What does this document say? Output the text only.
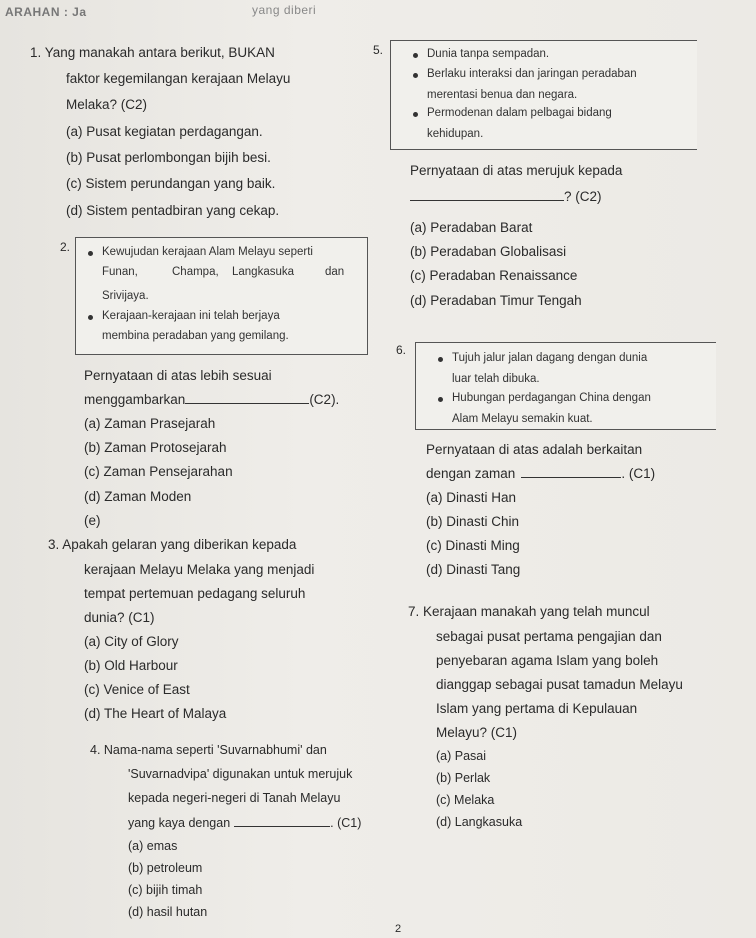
ARAHAN : Ja	yang diberi
1. Yang manakah antara berikut, BUKAN
faktor kegemilangan kerajaan Melayu
Melaka? (C2)
(a) Pusat kegiatan perdagangan.
(b) Pusat perlombongan bijih besi.
(c) Sistem perundangan yang baik.
(d) Sistem pentadbiran yang cekap.
2.	Kewujudan kerajaan Alam Melayu seperti
Funan,	Champa, Langkasuka	dan
Srivijaya.
Kerajaan-kerajaan ini telah berjaya
membina peradaban yang gemilang.
Pernyataan di atas lebih sesuai
menggambarkan	(C2).
(a) Zaman Prasejarah
(b) Zaman Protosejarah
(c) Zaman Pensejarahan
(d) Zaman Moden
(e)
3. Apakah gelaran yang diberikan kepada
kerajaan Melayu Melaka yang menjadi
tempat pertemuan pedagang seluruh
dunia? (C1)
(a) City of Glory
(b) Old Harbour
(c) Venice of East
(d) The Heart of Malaya
4. Nama-nama seperti 'Suvarnabhumi' dan
'Suvarnadvipa' digunakan untuk merujuk
kepada negeri-negeri di Tanah Melayu
yang kaya dengan	. (C1)
(a) emas
(b) petroleum
(c) bijih timah
(d) hasil hutan
5.	Dunia tanpa sempadan.
Berlaku interaksi dan jaringan peradaban
merentasi benua dan negara.
Permodenan dalam pelbagai bidang
kehidupan.
Pernyataan di atas merujuk kepada
? (C2)
(a) Peradaban Barat
(b) Peradaban Globalisasi
(c) Peradaban Renaissance
(d) Peradaban Timur Tengah
6.
Tujuh jalur jalan dagang dengan dunia
luar telah dibuka.
Hubungan perdagangan China dengan
Alam Melayu semakin kuat.
Pernyataan di atas adalah berkaitan
dengan zaman	. (C1)
(a) Dinasti Han
(b) Dinasti Chin
(c) Dinasti Ming
(d) Dinasti Tang
7. Kerajaan manakah yang telah muncul
sebagai pusat pertama pengajian dan
penyebaran agama Islam yang boleh
dianggap sebagai pusat tamadun Melayu
Islam yang pertama di Kepulauan
Melayu? (C1)
(a) Pasai
(b) Perlak
(c) Melaka
(d) Langkasuka
2
